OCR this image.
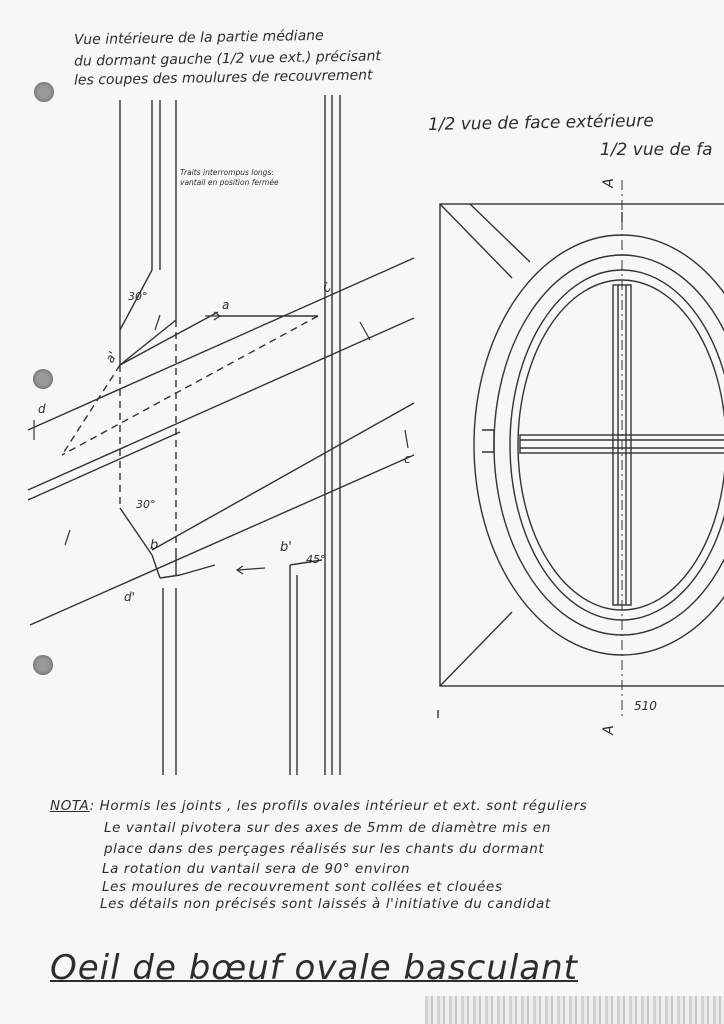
Vue intérieure de la partie médiane
du dormant gauche (1/2 vue ext.) précisant
les coupes des moulures de recouvrement
1/2 vue de face extérieure
1/2 vue de fa
Traits interrompus longs:
vantail en position fermée
30°
30°
45°
a
a'
b	b'
c
c'
d
d'
A
A
510
NOTA: Hormis les joints , les profils ovales intérieur et ext. sont réguliers
Le vantail pivotera sur des axes de 5mm de diamètre mis en
place dans des perçages réalisés sur les chants du dormant
La rotation du vantail sera de 90° environ
Les moulures de recouvrement sont collées et clouées
Les détails non précisés sont laissés à l'initiative du candidat
Oeil de bœuf ovale basculant
